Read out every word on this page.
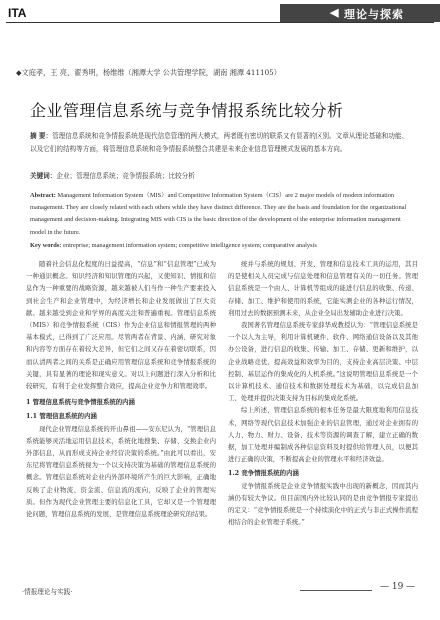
ITA	◀ 理论与探索
◆文庭孝，王 亮，翟秀明，杨维维（湘潭大学 公共管理学院，湖南 湘潭 411105）
企业管理信息系统与竞争情报系统比较分析
摘 要：管理信息系统和竞争情报系统是现代信息管理的两大模式，两者既有密切的联系又有显著的区别。文章从理论基础和功能、以及它们的结构等方面，将管理信息系统和竞争情报系统整合共建是未来企业信息管理模式发展的基本方向。
关键词：企业；管理信息系统；竞争情报系统；比较分析
Abstract: Management Information System（MIS）and Competitive Information System（CIS）are 2 major models of modern information management. They are closely related with each others while they have distinct difference. They are the basis and foundation for the organizational management and decision-making. Integrating MIS with CIS is the basic direction of the development of the enterprise information management model in the future.
Key words: entreprise; management information system; competitive intelligence system; comparative analysis

随着社会信息化程度的日益提高，“信息”和“信息管理”已成为一种通识概念。知识经济和知识管理的兴起，又使知识、情报和信息作为一种重要的战略资源，越来越被人们当作一种生产要素投入到社会生产和企业管理中，为经济增长和企业发展做出了巨大贡献。越来越受到企业和学界的高度关注和普遍重视。管理信息系统（MIS）和竞争情报系统（CIS）作为企业信息和情报管理的两种基本模式，已得到了广泛应用。尽管两者在背景、内涵、研究对象和内容等方面存在着较大差异，但它们之间又存在着密切联系，因而认清两者之间的关系是正确应用管理信息系统和竞争情报系统的关键，具有显著的理论和现实意义。对以上问题进行深入分析和比较研究，有利于企业发挥整合效应，提高企业竞争力和管理效率。

1 管理信息系统与竞争情报系统的内涵

1.1 管理信息系统的内涵

现代企业管理信息系统的开山鼻祖——安东尼认为，“管理信息系统能够灵活地运用信息技术，系统化地搜集、存储、交换企业内外部信息，从而形成支持企业经营决策的系统。”由此可以看出，安东尼将管理信息系统视为一个以支持决策为基础的管理信息系统的概念。管理信息系统对企业内外部环境所产生的巨大影响，正确地反映了企业物流、资金流、信息流的流向，反映了企业的管理实质。但作为现代企业管理主要的信息化工具，它却又是一个管理理论问题，管理信息系统的发展，是管理信息系统理论研究的结果。

统并与系统的规划、开发、管理和信息技术工具的运用，其目的是使相关人员完成与信息处理和信息管理有关的一切任务。管理信息系统是一个由人、计算机等组成的能进行信息的收集、传递、存储、加工、维护和使用的系统，它能实测企业的各种运行情况，利用过去的数据预测未来，从企业全局出发辅助企业进行决策。

我国著名管理信息系统专家薛华成教授认为：“管理信息系统是一个以人为主导，利用计算机硬件、软件、网络通信设备以及其他办公设备，进行信息的收集、传输、加工、存储、更新和维护，以企业战略竞优、提高效益和效率为目的，支持企业高层决策、中层控制、基层运作的集成化的人机系统。”这说明管理信息系统是一个以计算机技术、通信技术和数据处理技术为基础，以完成信息加工、处理并提供决策支持为目标的集成化系统。

综上所述，管理信息系统的根本任务是最大限度地利用信息技术，网络等现代信息技术加强企业的信息管理，通过对企业拥有的人力、物力、财力、设备、技术等资源的调查了解，建立正确的数据，加工处理并编制成各种信息资料及时提供给管理人员，以便其进行正确的决策，不断提高企业的管理水平和经济效益。

1.2 竞争情报系统的内涵

竞争情报系统是企业竞争情报实践中出现的新概念，因而其内涵仍有较大争议。但目前国内外比较认同的是由竞争情报专家提出的定义：“竞争情报系统是一个持续演化中的正式与非正式操作流程相结合的企业管理子系统。”

·情报理论与实践·	— 19 —
